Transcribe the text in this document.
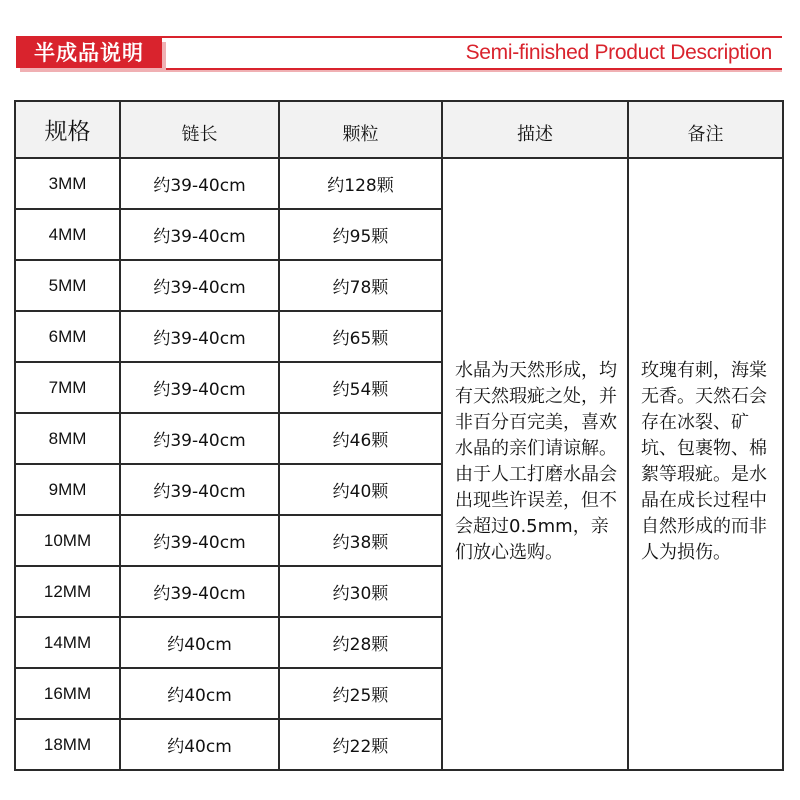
半成品说明	Semi-finished Product Description
规格	链长	颗粒	描述	备注
3MM	约39-40cm	约128颗	水晶为天然形成，均有天然瑕疵之处，并非百分百完美，喜欢水晶的亲们请谅解。由于人工打磨水晶会出现些许误差，但不会超过0.5mm，亲们放心选购。	玫瑰有刺，海棠无香。天然石会存在冰裂、矿坑、包裹物、棉絮等瑕疵。是水晶在成长过程中自然形成的而非人为损伤。
4MM	约39-40cm	约95颗		
5MM	约39-40cm	约78颗		
6MM	约39-40cm	约65颗		
7MM	约39-40cm	约54颗		
8MM	约39-40cm	约46颗		
9MM	约39-40cm	约40颗		
10MM	约39-40cm	约38颗		
12MM	约39-40cm	约30颗		
14MM	约40cm	约28颗		
16MM	约40cm	约25颗		
18MM	约40cm	约22颗		
